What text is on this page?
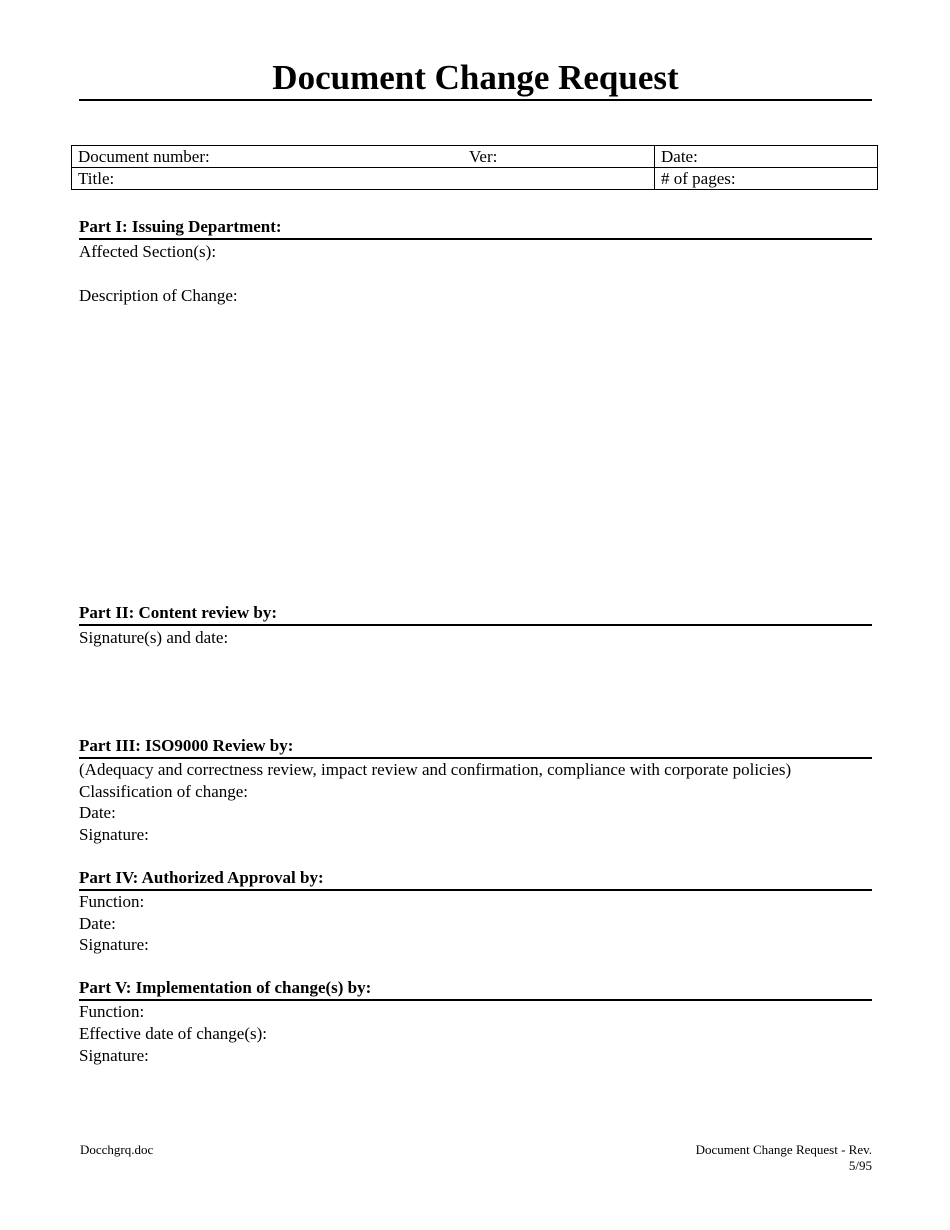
Document Change Request
Document number: Ver:	Date:
Title:	# of pages:
Part I: Issuing Department:
Affected Section(s):
Description of Change:
Part II: Content review by:
Signature(s) and date:
Part III: ISO9000 Review by:
(Adequacy and correctness review, impact review and confirmation, compliance with corporate policies)
Classification of change:
Date:
Signature:
Part IV: Authorized Approval by:
Function:
Date:
Signature:
Part V: Implementation of change(s) by:
Function:
Effective date of change(s):
Signature:
Docchgrq.doc	Document Change Request - Rev.
5/95
